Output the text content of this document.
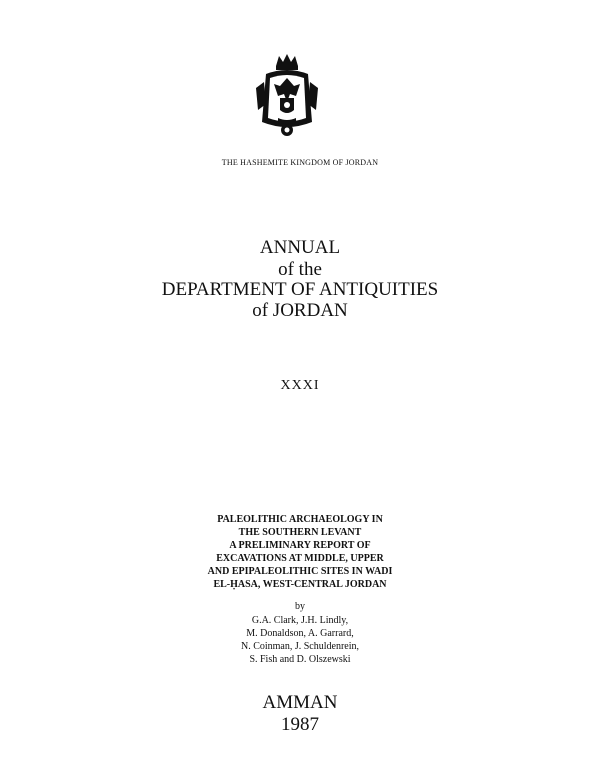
THE HASHEMITE KINGDOM OF JORDAN
ANNUAL
of the
DEPARTMENT OF ANTIQUITIES
of JORDAN
XXXI
PALEOLITHIC ARCHAEOLOGY IN
THE SOUTHERN LEVANT
A PRELIMINARY REPORT OF
EXCAVATIONS AT MIDDLE, UPPER
AND EPIPALEOLITHIC SITES IN WADI
EL-ḤASA, WEST-CENTRAL JORDAN
by
G.A. Clark, J.H. Lindly,
M. Donaldson, A. Garrard,
N. Coinman, J. Schuldenrein,
S. Fish and D. Olszewski
AMMAN
1987
